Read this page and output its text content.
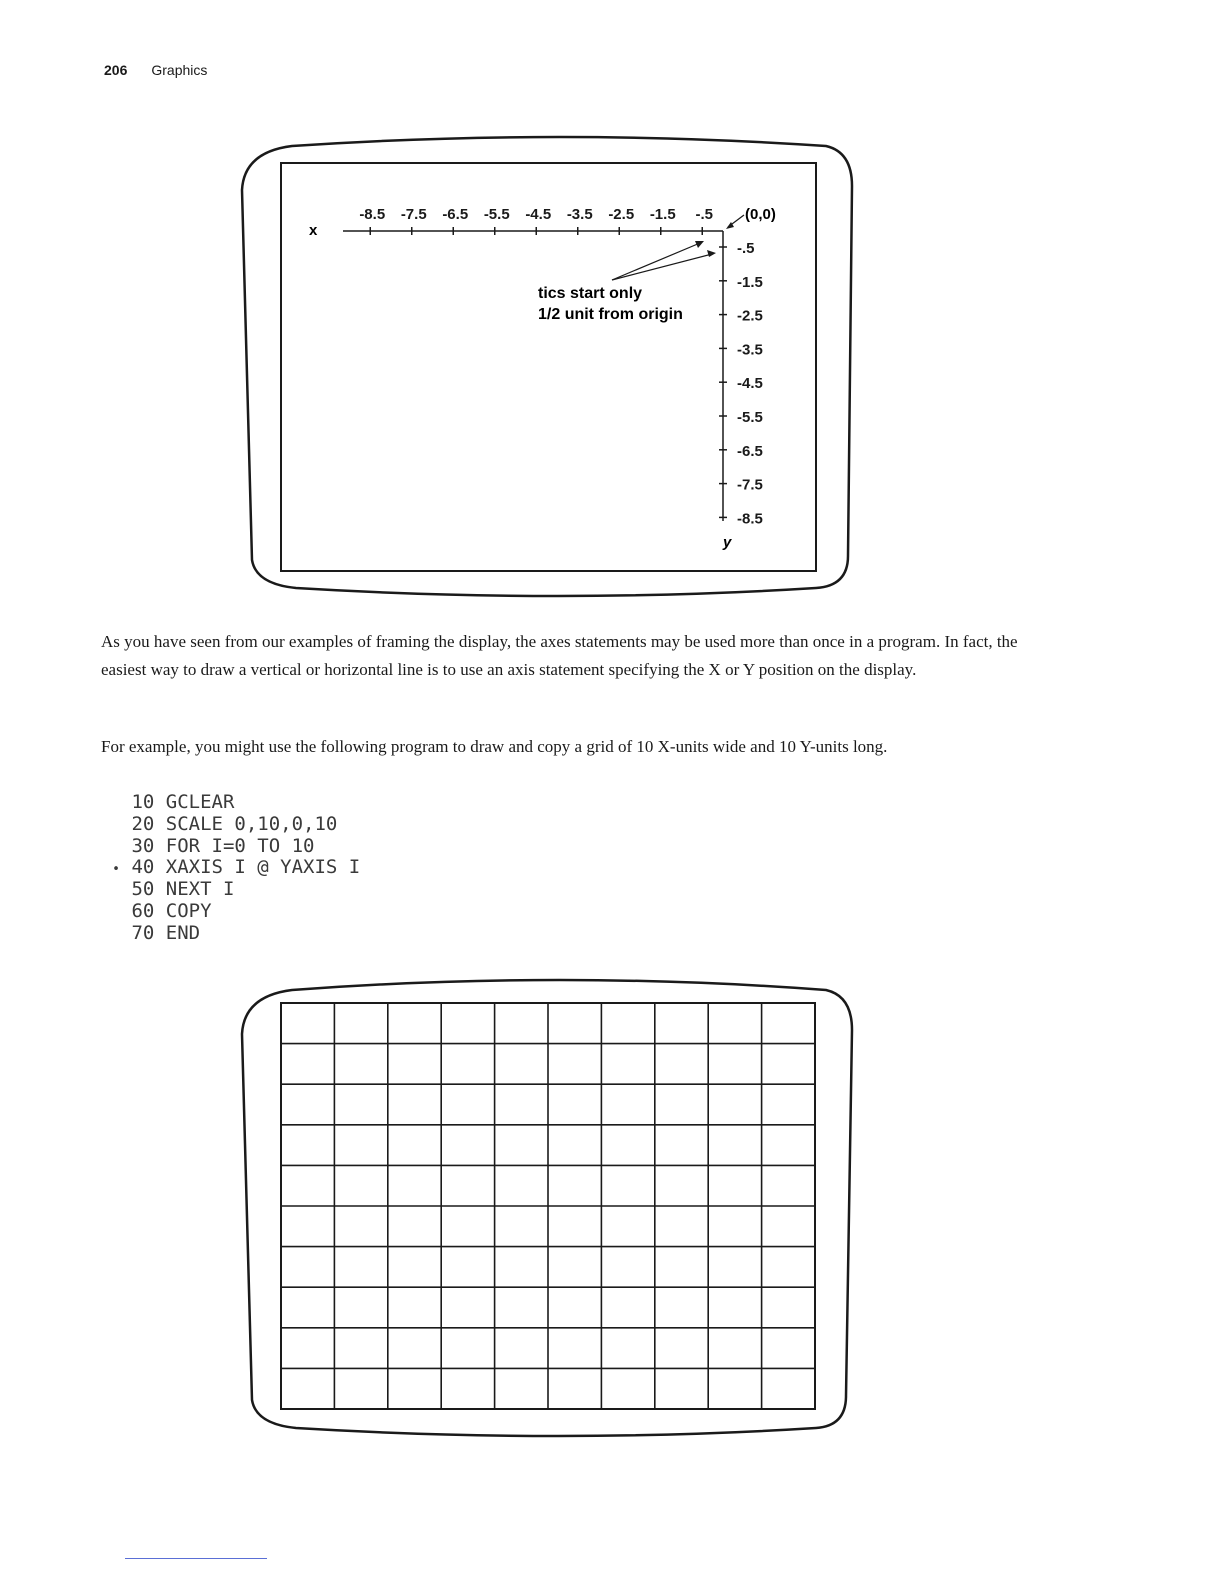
206 Graphics
-8.5 -7.5 -6.5 -5.5 -4.5 -3.5 -2.5 -1.5 -.5
-.5
-1.5
-2.5
-3.5
-4.5
-5.5
-6.5
-7.5
-8.5
x
y
(0,0)
tics start only
1/2 unit from origin

As you have seen from our examples of framing the display, the axes statements may be used more than once in a program. In fact, the easiest way to draw a vertical or horizontal line is to use an axis statement specifying the X or Y position on the display.

For example, you might use the following program to draw and copy a grid of 10 X-units wide and 10 Y-units long.

10 GCLEAR
20 SCALE 0,10,0,10
30 FOR I=0 TO 10
• 40 XAXIS I @ YAXIS I
50 NEXT I
60 COPY
70 END
